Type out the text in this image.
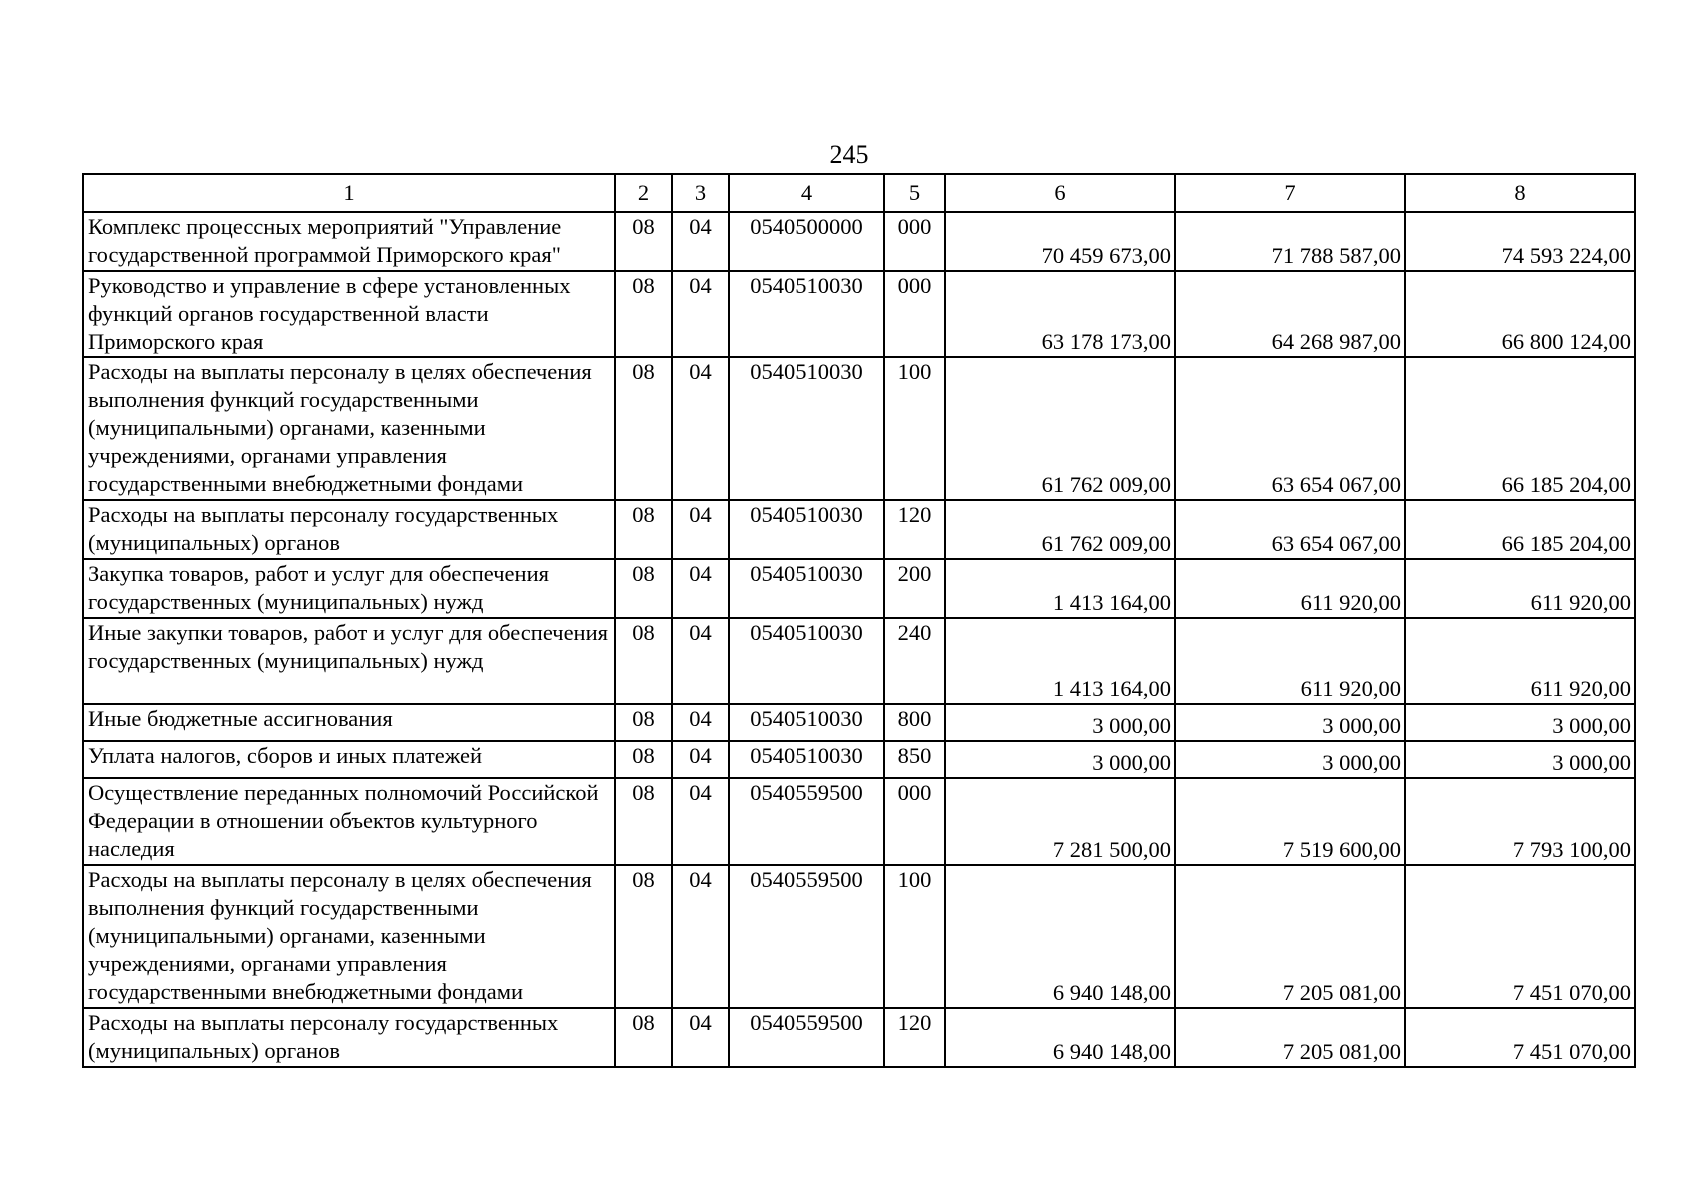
245
1	2	3	4	5	6	7	8
Комплекс процессных мероприятий "Управление государственной программой Приморского края"	08	04	0540500000	000	70 459 673,00	71 788 587,00	74 593 224,00
Руководство и управление в сфере установленных функций органов государственной власти Приморского края	08	04	0540510030	000	63 178 173,00	64 268 987,00	66 800 124,00
Расходы на выплаты персоналу в целях обеспечения выполнения функций государственными (муниципальными) органами, казенными учреждениями, органами управления государственными внебюджетными фондами	08	04	0540510030	100	61 762 009,00	63 654 067,00	66 185 204,00
Расходы на выплаты персоналу государственных (муниципальных) органов	08	04	0540510030	120	61 762 009,00	63 654 067,00	66 185 204,00
Закупка товаров, работ и услуг для обеспечения государственных (муниципальных) нужд	08	04	0540510030	200	1 413 164,00	611 920,00	611 920,00
Иные закупки товаров, работ и услуг для обеспечения государственных (муниципальных) нужд	08	04	0540510030	240	1 413 164,00	611 920,00	611 920,00
Иные бюджетные ассигнования	08	04	0540510030	800	3 000,00	3 000,00	3 000,00
Уплата налогов, сборов и иных платежей	08	04	0540510030	850	3 000,00	3 000,00	3 000,00
Осуществление переданных полномочий Российской Федерации в отношении объектов культурного наследия	08	04	0540559500	000	7 281 500,00	7 519 600,00	7 793 100,00
Расходы на выплаты персоналу в целях обеспечения выполнения функций государственными (муниципальными) органами, казенными учреждениями, органами управления государственными внебюджетными фондами	08	04	0540559500	100	6 940 148,00	7 205 081,00	7 451 070,00
Расходы на выплаты персоналу государственных (муниципальных) органов	08	04	0540559500	120	6 940 148,00	7 205 081,00	7 451 070,00
